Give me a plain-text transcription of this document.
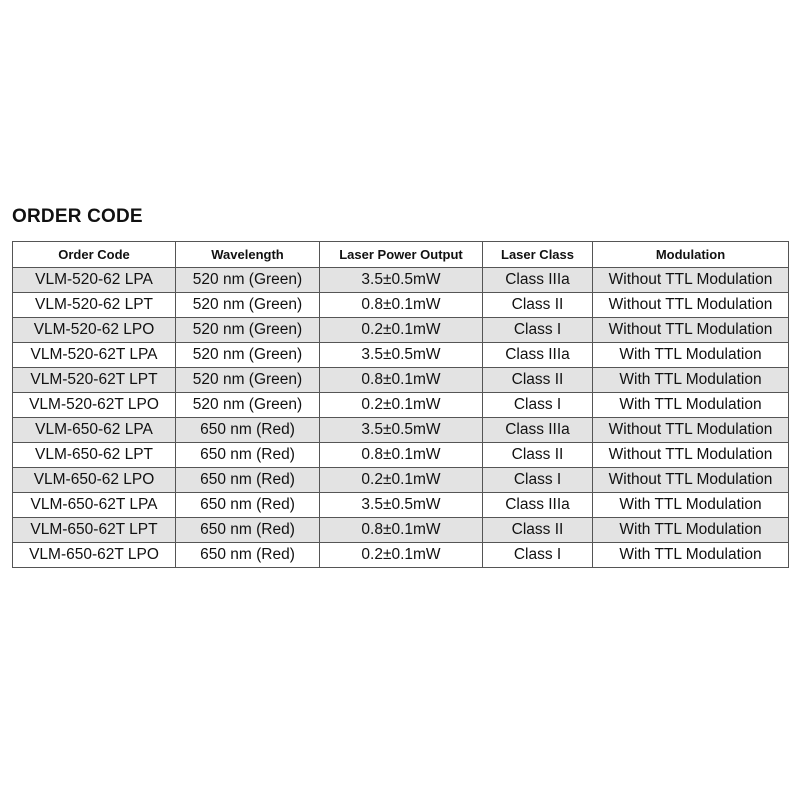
ORDER CODE
Order Code	Wavelength	Laser Power Output	Laser Class	Modulation
VLM-520-62 LPA	520 nm (Green)	3.5±0.5mW	Class IIIa	Without TTL Modulation
VLM-520-62 LPT	520 nm (Green)	0.8±0.1mW	Class II	Without TTL Modulation
VLM-520-62 LPO	520 nm (Green)	0.2±0.1mW	Class I	Without TTL Modulation
VLM-520-62T LPA	520 nm (Green)	3.5±0.5mW	Class IIIa	With TTL Modulation
VLM-520-62T LPT	520 nm (Green)	0.8±0.1mW	Class II	With TTL Modulation
VLM-520-62T LPO	520 nm (Green)	0.2±0.1mW	Class I	With TTL Modulation
VLM-650-62 LPA	650 nm (Red)	3.5±0.5mW	Class IIIa	Without TTL Modulation
VLM-650-62 LPT	650 nm (Red)	0.8±0.1mW	Class II	Without TTL Modulation
VLM-650-62 LPO	650 nm (Red)	0.2±0.1mW	Class I	Without TTL Modulation
VLM-650-62T LPA	650 nm (Red)	3.5±0.5mW	Class IIIa	With TTL Modulation
VLM-650-62T LPT	650 nm (Red)	0.8±0.1mW	Class II	With TTL Modulation
VLM-650-62T LPO	650 nm (Red)	0.2±0.1mW	Class I	With TTL Modulation
